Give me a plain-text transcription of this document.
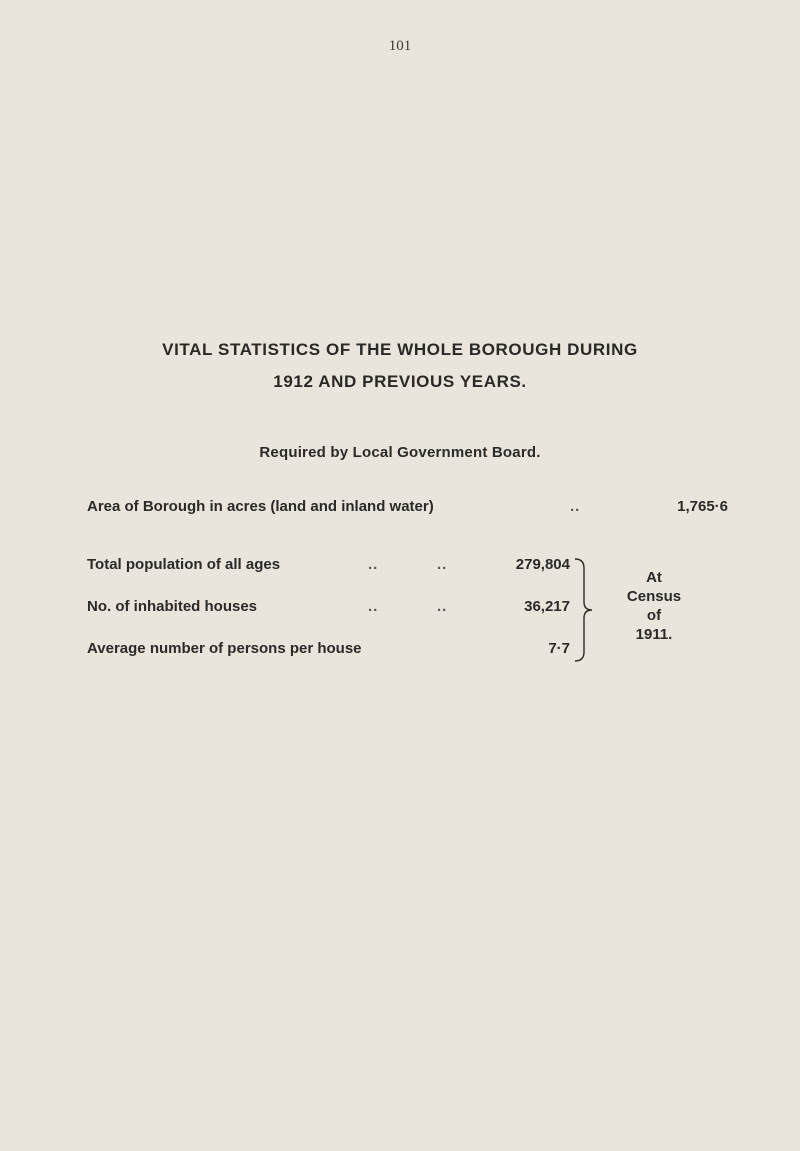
101
VITAL STATISTICS OF THE WHOLE BOROUGH DURING
1912 AND PREVIOUS YEARS.
Required by Local Government Board.
Area of Borough in acres (land and inland water)	..	1,765·6
Total population of all ages	..	..	279,804
No. of inhabited houses	..	..	36,217
Average number of persons per house	7·7
At
Census
of
1911.
